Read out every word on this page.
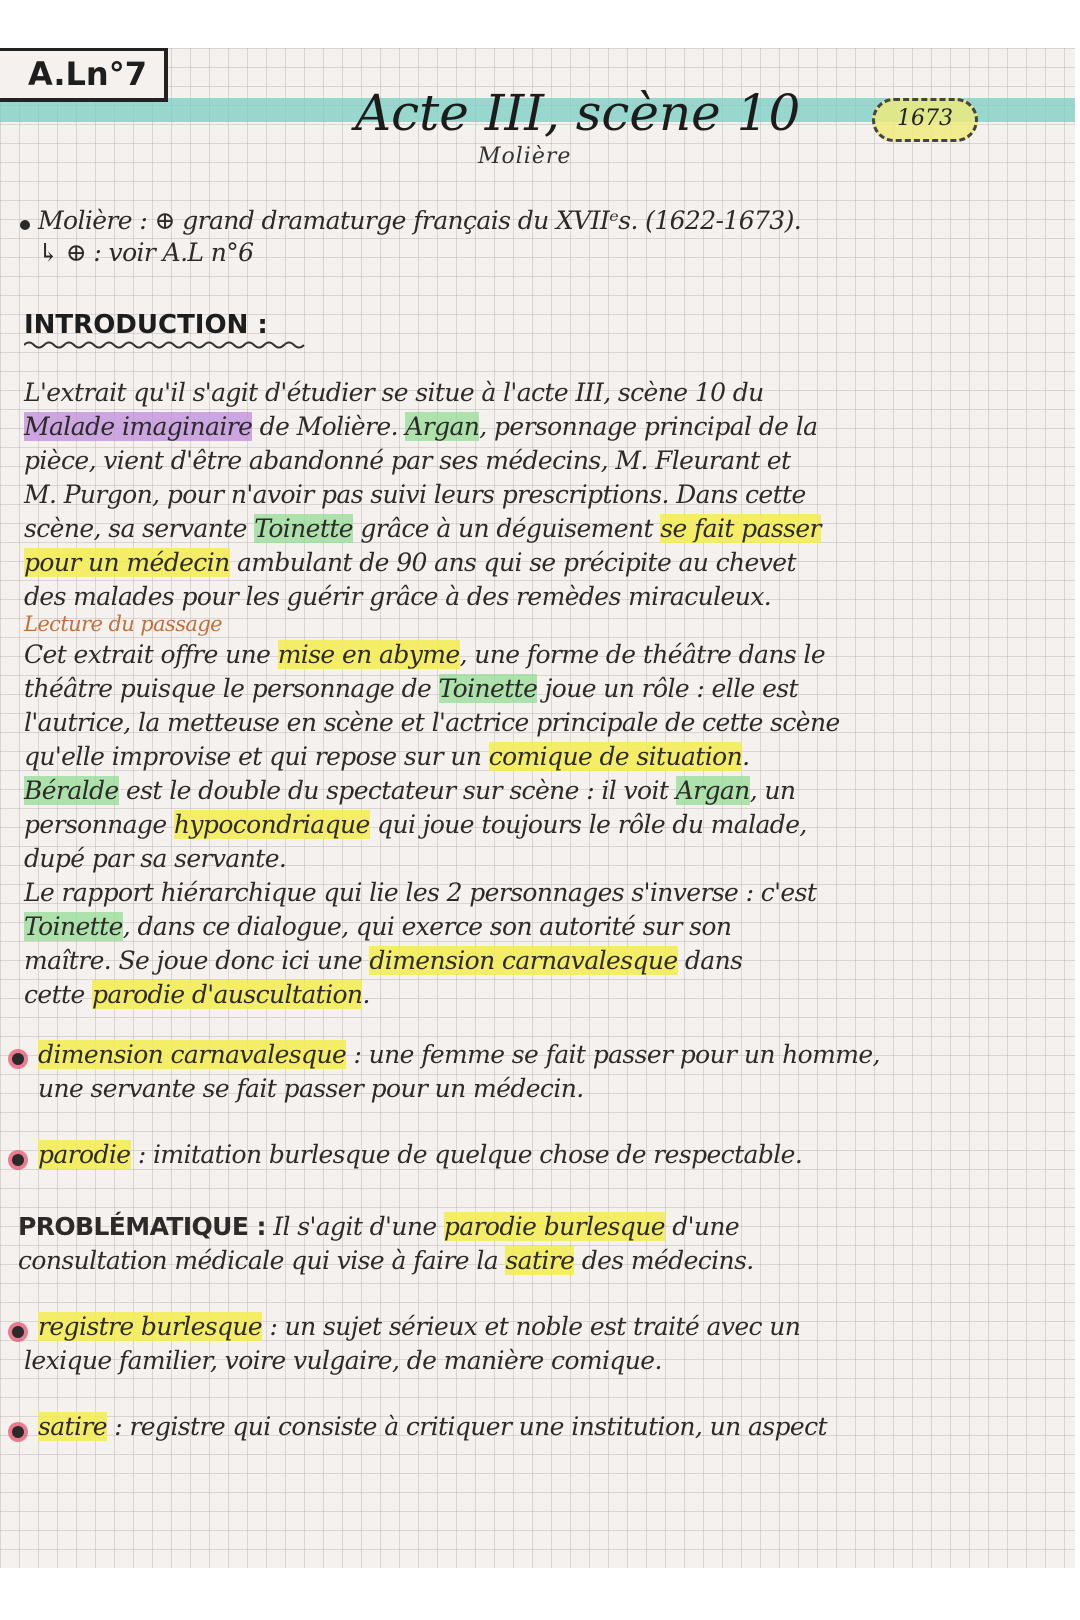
A.Ln°7
Acte III, scène 10
Molière
1673
Molière : ⊕ grand dramaturge français du XVIIᵉs. (1622-1673).
↳ ⊕ : voir A.L n°6
INTRODUCTION :
L'extrait qu'il s'agit d'étudier se situe à l'acte III, scène 10 du
Malade imaginaire de Molière. Argan, personnage principal de la
pièce, vient d'être abandonné par ses médecins, M. Fleurant et
M. Purgon, pour n'avoir pas suivi leurs prescriptions. Dans cette
scène, sa servante Toinette grâce à un déguisement se fait passer
pour un médecin ambulant de 90 ans qui se précipite au chevet
des malades pour les guérir grâce à des remèdes miraculeux.
Lecture du passage
Cet extrait offre une mise en abyme, une forme de théâtre dans le
théâtre puisque le personnage de Toinette joue un rôle : elle est
l'autrice, la metteuse en scène et l'actrice principale de cette scène
qu'elle improvise et qui repose sur un comique de situation.
Béralde est le double du spectateur sur scène : il voit Argan, un
personnage hypocondriaque qui joue toujours le rôle du malade,
dupé par sa servante.
Le rapport hiérarchique qui lie les 2 personnages s'inverse : c'est
Toinette, dans ce dialogue, qui exerce son autorité sur son
maître. Se joue donc ici une dimension carnavalesque dans
cette parodie d'auscultation.
dimension carnavalesque : une femme se fait passer pour un homme,
une servante se fait passer pour un médecin.
parodie : imitation burlesque de quelque chose de respectable.
PROBLÉMATIQUE : Il s'agit d'une parodie burlesque d'une
consultation médicale qui vise à faire la satire des médecins.
registre burlesque : un sujet sérieux et noble est traité avec un
lexique familier, voire vulgaire, de manière comique.
satire : registre qui consiste à critiquer une institution, un aspect
